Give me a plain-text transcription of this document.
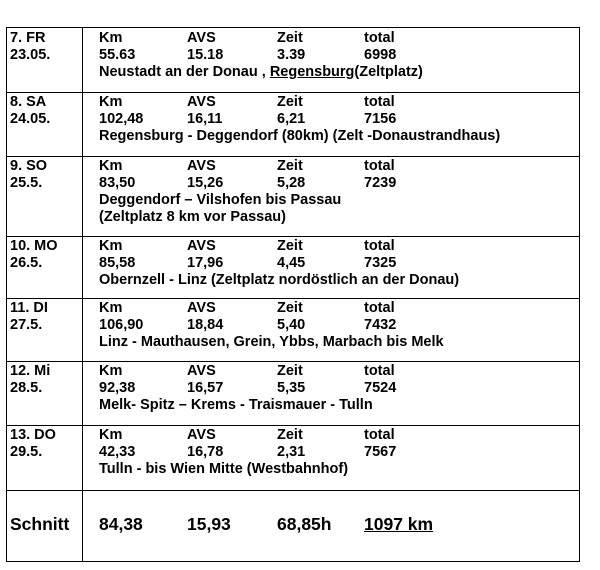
7. FR
23.05.
Km
55.63
AVS
15.18
Zeit
3.39
total
6998
Neustadt an der Donau , Regensburg(Zeltplatz)
8. SA
24.05.
Km
102,48
AVS
16,11
Zeit
6,21
total
7156
Regensburg - Deggendorf (80km) (Zelt -Donaustrandhaus)
9. SO
25.5.
Km
83,50
AVS
15,26
Zeit
5,28
total
7239
Deggendorf – Vilshofen bis Passau
(Zeltplatz 8 km vor Passau)
10. MO
26.5.
Km
85,58
AVS
17,96
Zeit
4,45
total
7325
Obernzell - Linz (Zeltplatz nordöstlich an der Donau)
11. DI
27.5.
Km
106,90
AVS
18,84
Zeit
5,40
total
7432
Linz - Mauthausen, Grein, Ybbs, Marbach bis Melk
12. Mi
28.5.
Km
92,38
AVS
16,57
Zeit
5,35
total
7524
Melk- Spitz – Krems - Traismauer - Tulln
13. DO
29.5.
Km
42,33
AVS
16,78
Zeit
2,31
total
7567
Tulln - bis Wien Mitte (Westbahnhof)
Schnitt 84,38	15,93	68,85h 1097 km
